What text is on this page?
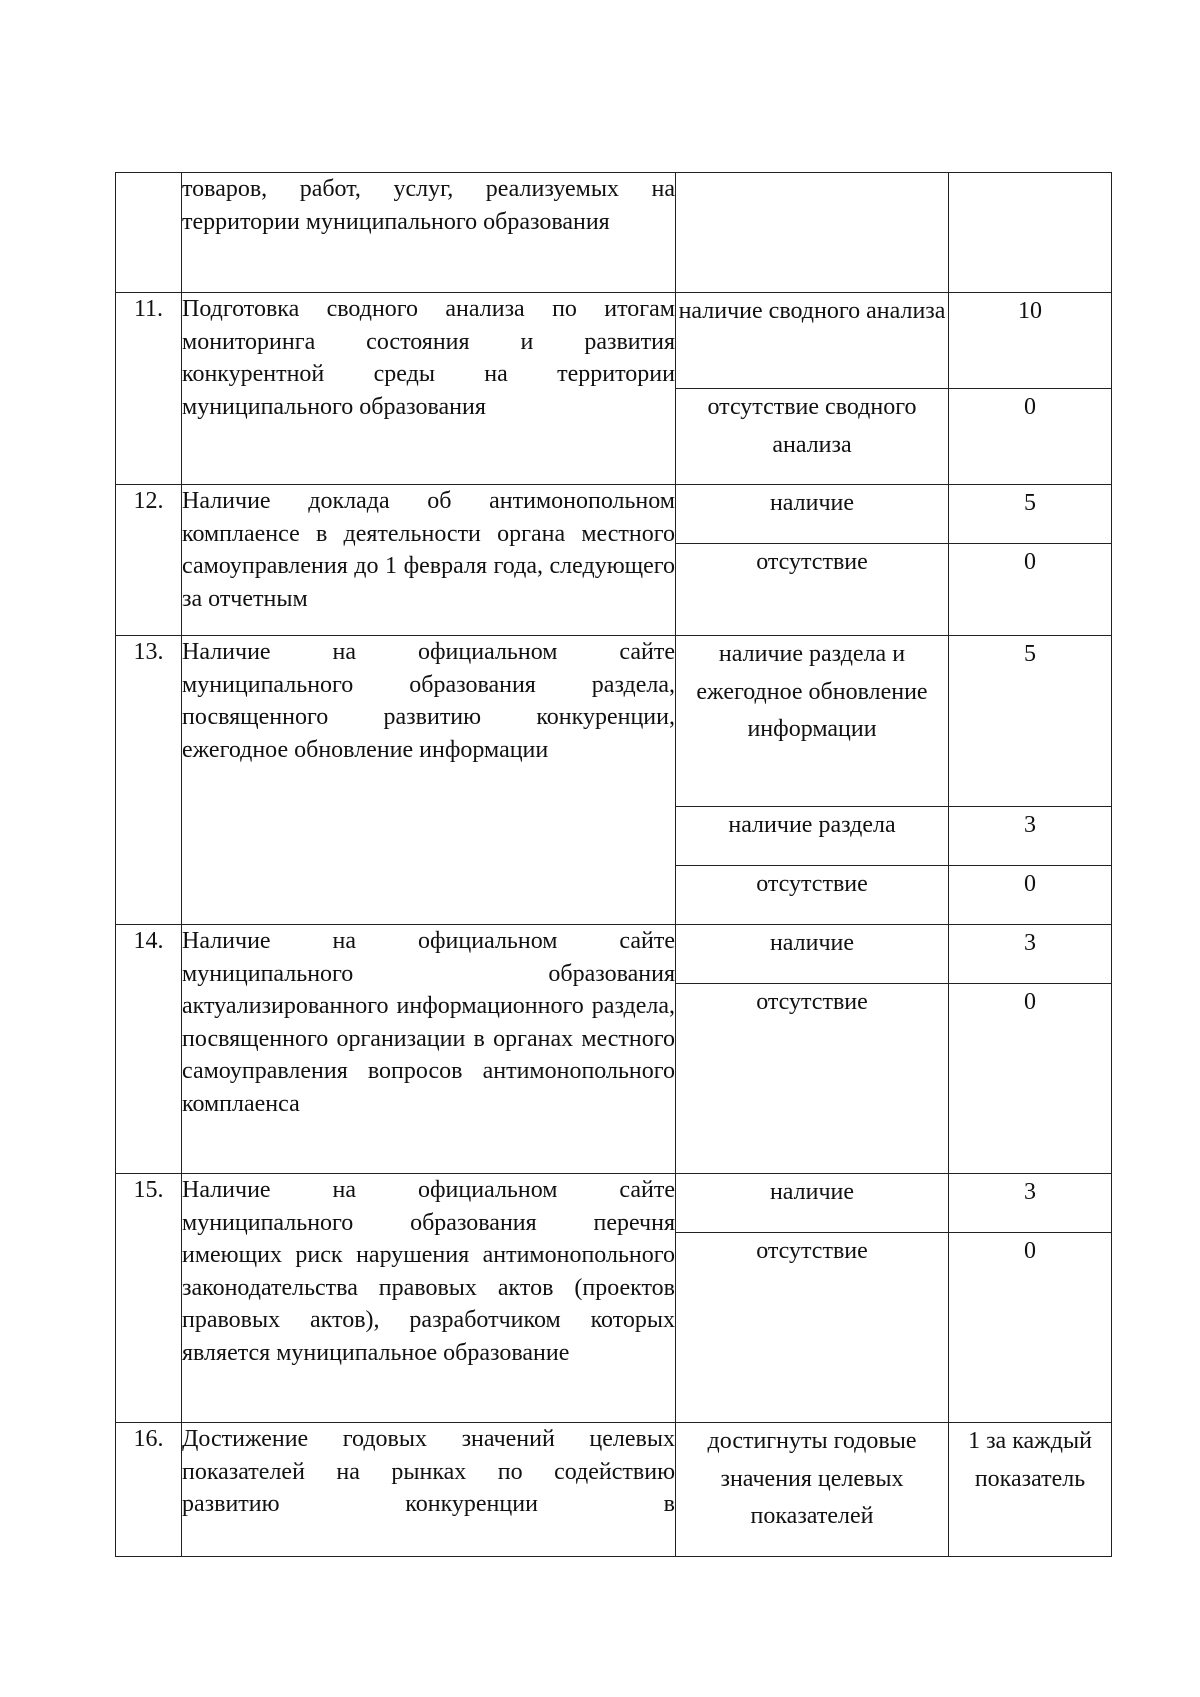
	товаров, работ, услуг, реализуемых на территории муниципального образования		
11.	Подготовка сводного анализа по итогам мониторинга состояния и развития конкурентной среды на территории муниципального образования	наличие сводного анализа	10
		отсутствие сводного анализа	0
12.	Наличие доклада об антимонопольном комплаенсе в деятельности органа местного самоуправления до 1 февраля года, следующего за отчетным	наличие	5
		отсутствие	0
13.	Наличие на официальном сайте муниципального образования раздела, посвященного развитию конкуренции, ежегодное обновление информации	наличие раздела и ежегодное обновление информации	5
		наличие раздела	3
		отсутствие	0
14.	Наличие на официальном сайте муниципального образования актуализированного информационного раздела, посвященного организации в органах местного самоуправления вопросов антимонопольного комплаенса	наличие	3
		отсутствие	0
15.	Наличие на официальном сайте муниципального образования перечня имеющих риск нарушения антимонопольного законодательства правовых актов (проектов правовых актов), разработчиком которых является муниципальное образование	наличие	3
		отсутствие	0
16.	Достижение годовых значений целевых показателей на рынках по содействию развитию конкуренции в	достигнуты годовые значения целевых показателей	1 за каждый показатель
